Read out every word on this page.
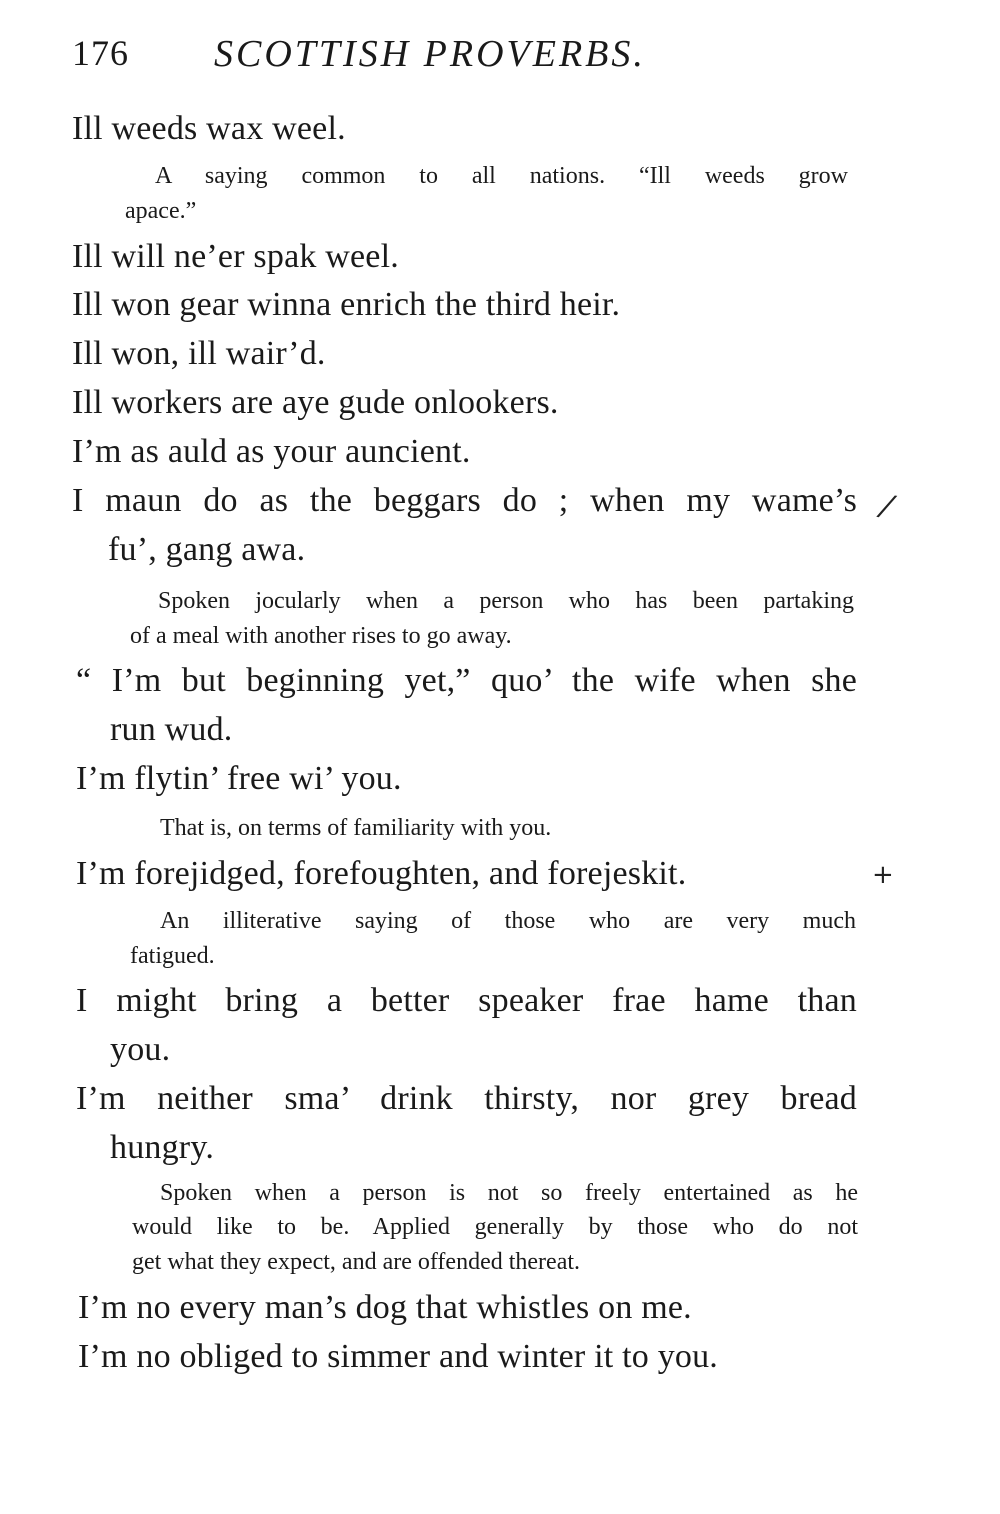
176 SCOTTISH PROVERBS.
Ill weeds wax weel.
A saying common to all nations. “Ill weeds grow
apace.”
Ill will ne’er spak weel.
Ill won gear winna enrich the third heir.
Ill won, ill wair’d.
Ill workers are aye gude onlookers.
I’m as auld as your auncient.
I maun do as the beggars do ; when my wame’s
fu’, gang awa.
Spoken jocularly when a person who has been partaking
of a meal with another rises to go away.
“ I’m but beginning yet,” quo’ the wife when she
run wud.
I’m flytin’ free wi’ you.
That is, on terms of familiarity with you.
I’m forejidged, forefoughten, and forejeskit.
An illiterative saying of those who are very much
fatigued.
I might bring a better speaker frae hame than
you.
I’m neither sma’ drink thirsty, nor grey bread
hungry.
Spoken when a person is not so freely entertained as he
would like to be. Applied generally by those who do not
get what they expect, and are offended thereat.
I’m no every man’s dog that whistles on me.
I’m no obliged to simmer and winter it to you.
⁄
+
